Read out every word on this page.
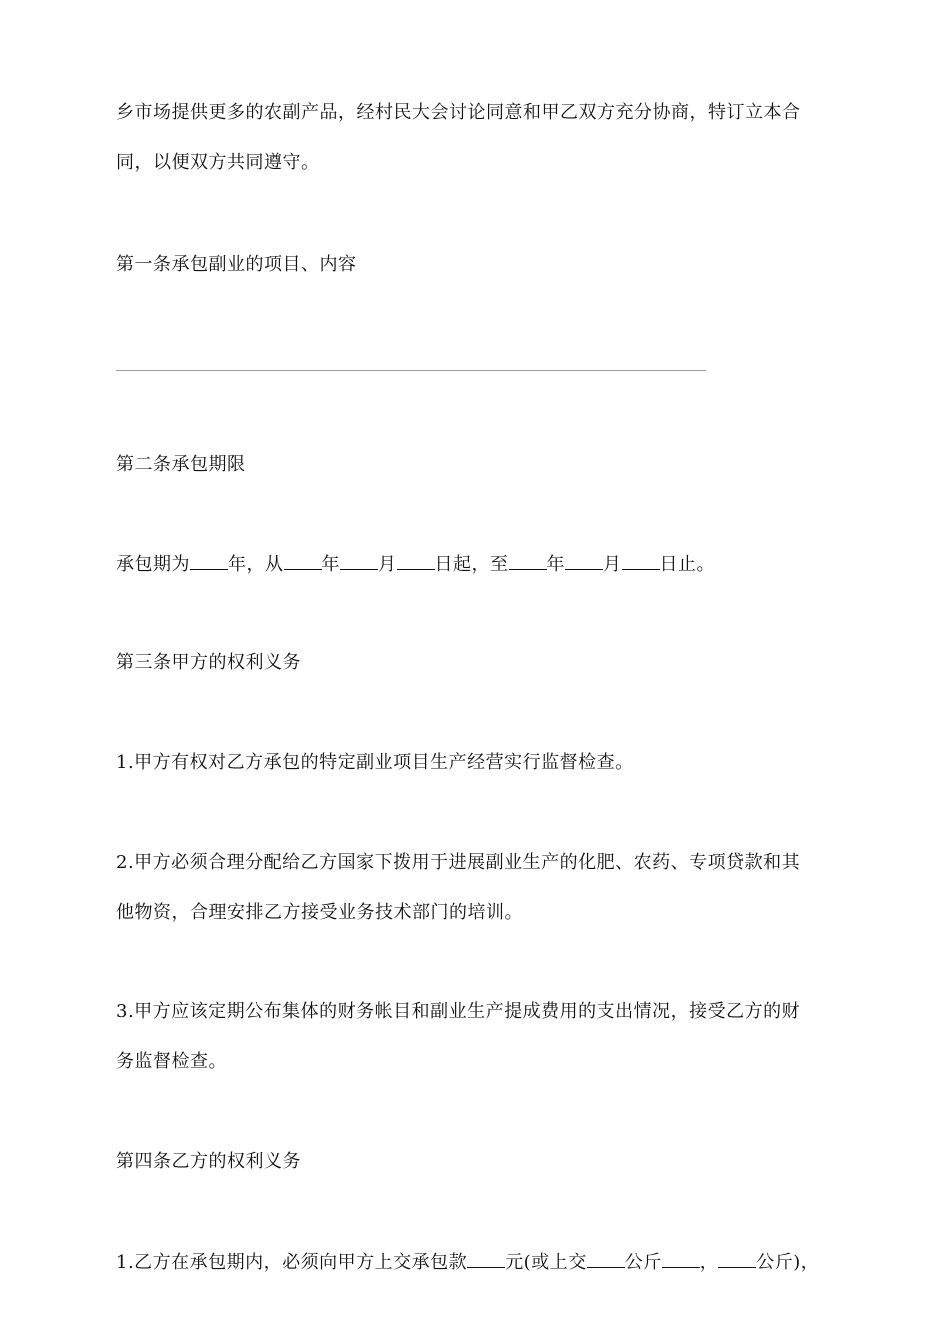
乡市场提供更多的农副产品，经村民大会讨论同意和甲乙双方充分协商，特订立本合
同，以便双方共同遵守。
第一条承包副业的项目、内容
第二条承包期限
承包期为 年，从 年 月 日起，至 年 月 日止。
第三条甲方的权利义务
1.甲方有权对乙方承包的特定副业项目生产经营实行监督检查。
2.甲方必须合理分配给乙方国家下拨用于进展副业生产的化肥、农药、专项贷款和其
他物资，合理安排乙方接受业务技术部门的培训。
3.甲方应该定期公布集体的财务帐目和副业生产提成费用的支出情况，接受乙方的财
务监督检查。
第四条乙方的权利义务
1.乙方在承包期内，必须向甲方上交承包款 元(或上交 公斤 ， 公斤)，
